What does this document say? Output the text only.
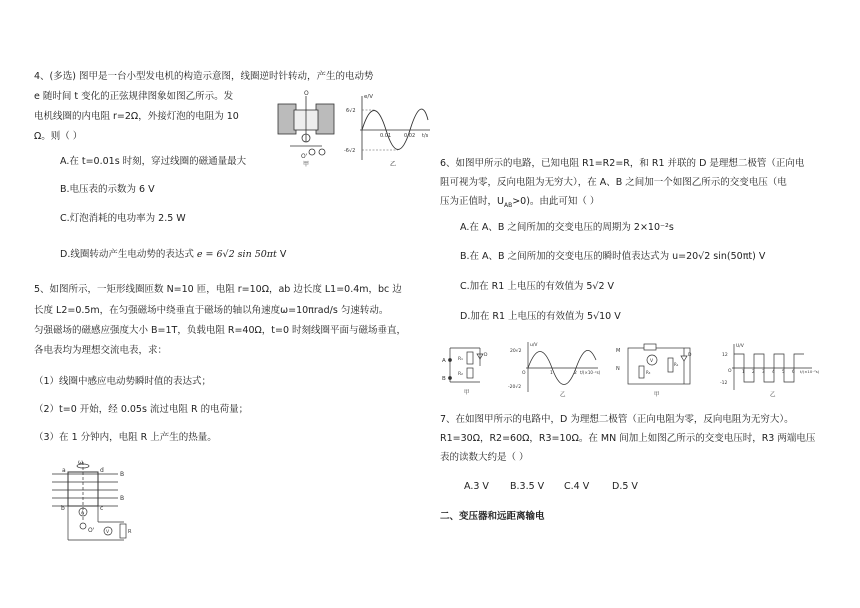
4、(多选) 图甲是一台小型发电机的构造示意图，线圈逆时针转动，产生的电动势
e 随时间 t 变化的正弦规律图象如图乙所示。发
电机线圈的内电阻 r=2Ω，外接灯泡的电阻为 10
Ω。则（ ）
O
O'
甲
e/V
6√2
-6√2
0.01	0.02 t/s
乙
A.在 t=0.01s 时刻，穿过线圈的磁通量最大
B.电压表的示数为 6 V
C.灯泡消耗的电功率为 2.5 W
D.线圈转动产生电动势的表达式 e = 6√2 sin 50πt V
5、如图所示，一矩形线圈匝数 N=10 匝，电阻 r=10Ω，ab 边长度 L1=0.4m，bc 边
长度 L2=0.5m，在匀强磁场中绕垂直于磁场的轴以角速度ω=10πrad/s 匀速转动。
匀强磁场的磁感应强度大小 B=1T，负载电阻 R=40Ω，t=0 时刻线圈平面与磁场垂直，
各电表均为理想交流电表，求：
（1）线圈中感应电动势瞬时值的表达式；
（2）t=0 开始，经 0.05s 流过电阻 R 的电荷量；
（3）在 1 分钟内，电阻 R 上产生的热量。
ω
a	d
b	c
B
B
A
V	R
O'
6、如图甲所示的电路，已知电阻 R1=R2=R，和 R1 并联的 D 是理想二极管（正向电
阻可视为零，反向电阻为无穷大），在 A、B 之间加一个如图乙所示的交变电压（电
压为正值时，$U_{AB}>0$)。由此可知（ ）
A.在 A、B 之间所加的交变电压的周期为 2×10⁻²s
B.在 A、B 之间所加的交变电压的瞬时值表达式为 u=20√2 sin(50πt) V
C.加在 R1 上电压的有效值为 5√2 V
D.加在 R1 上电压的有效值为 5√10 V
A
B
R₁
R₂
D
甲
u/V
20√2
-20√2
O	1	2 t/(×10⁻²s)
乙
M
N
V
R₁
D
R₃
甲
U/V
12
-12
O	1 2 3 4 5 6 t/(×10⁻²s)
乙
7、在如图甲所示的电路中，D 为理想二极管（正向电阻为零，反向电阻为无穷大）。
R1=30Ω，R2=60Ω，R3=10Ω。在 MN 间加上如图乙所示的交变电压时，R3 两端电压
表的读数大约是（ ）
A.3 V B.3.5 V C.4 V D.5 V
二、变压器和远距离输电
